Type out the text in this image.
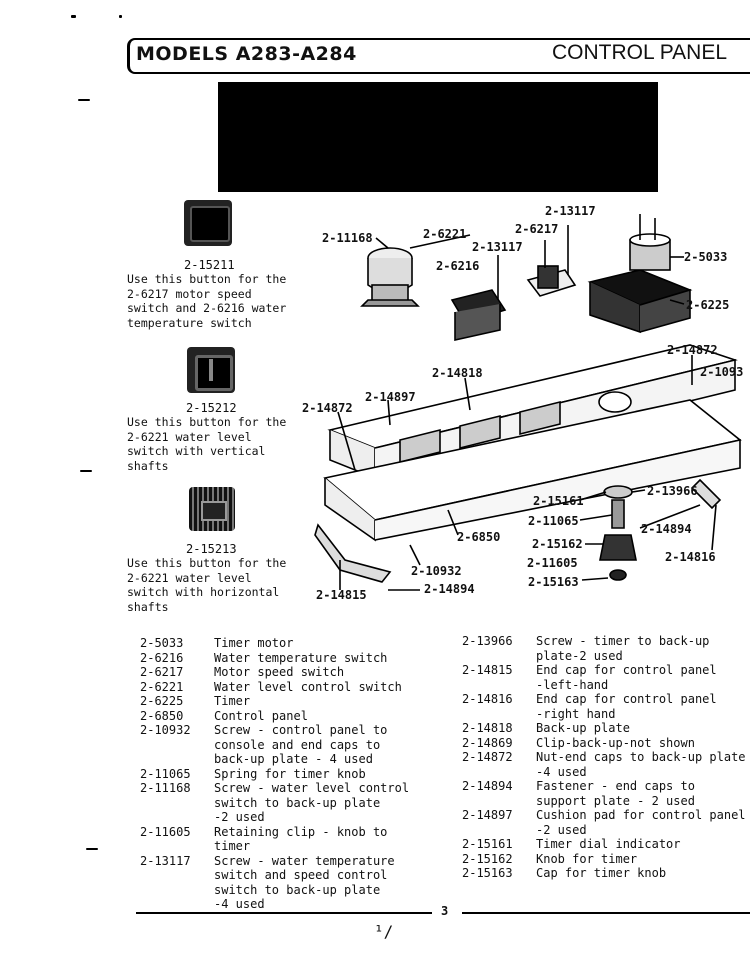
MODELS A283-A284	CONTROL PANEL
2-15211
Use this button for the
2-6217 motor speed
switch and 2-6216 water
temperature switch
2-15212
Use this button for the
2-6221 water level
switch with vertical
shafts
2-15213
Use this button for the
2-6221 water level
switch with horizontal
shafts
2-13117
2-11168	2-6221	2-6217
2-13117
2-5033
2-6216
2-6225
2-14872
2-14818	2-1093
2-14872
2-14897
2-13966
2-15161
2-11065
2-14894
2-6850	2-15162
2-14816
2-11605
2-10932
2-15163
2-14815	2-14894
2-5033	Timer motor
2-6216	Water temperature switch
2-6217	Motor speed switch
2-6221	Water level control switch
2-6225	Timer
2-6850	Control panel
2-10932 Screw - control panel to
console and end caps to
back-up plate - 4 used
2-11065 Spring for timer knob
2-11168 Screw - water level control
switch to back-up plate
-2 used
2-11605 Retaining clip - knob to
timer
2-13117 Screw - water temperature
switch and speed control
switch to back-up plate
-4 used
2-13966 Screw - timer to back-up
plate-2 used
2-14815 End cap for control panel
-left-hand
2-14816 End cap for control panel
-right hand
2-14818 Back-up plate
2-14869 Clip-back-up-not shown
2-14872 Nut-end caps to back-up plate
-4 used
2-14894 Fastener - end caps to
support plate - 2 used
2-14897 Cushion pad for control panel
-2 used
2-15161 Timer dial indicator
2-15162 Knob for timer
2-15163 Cap for timer knob
3
¹/
